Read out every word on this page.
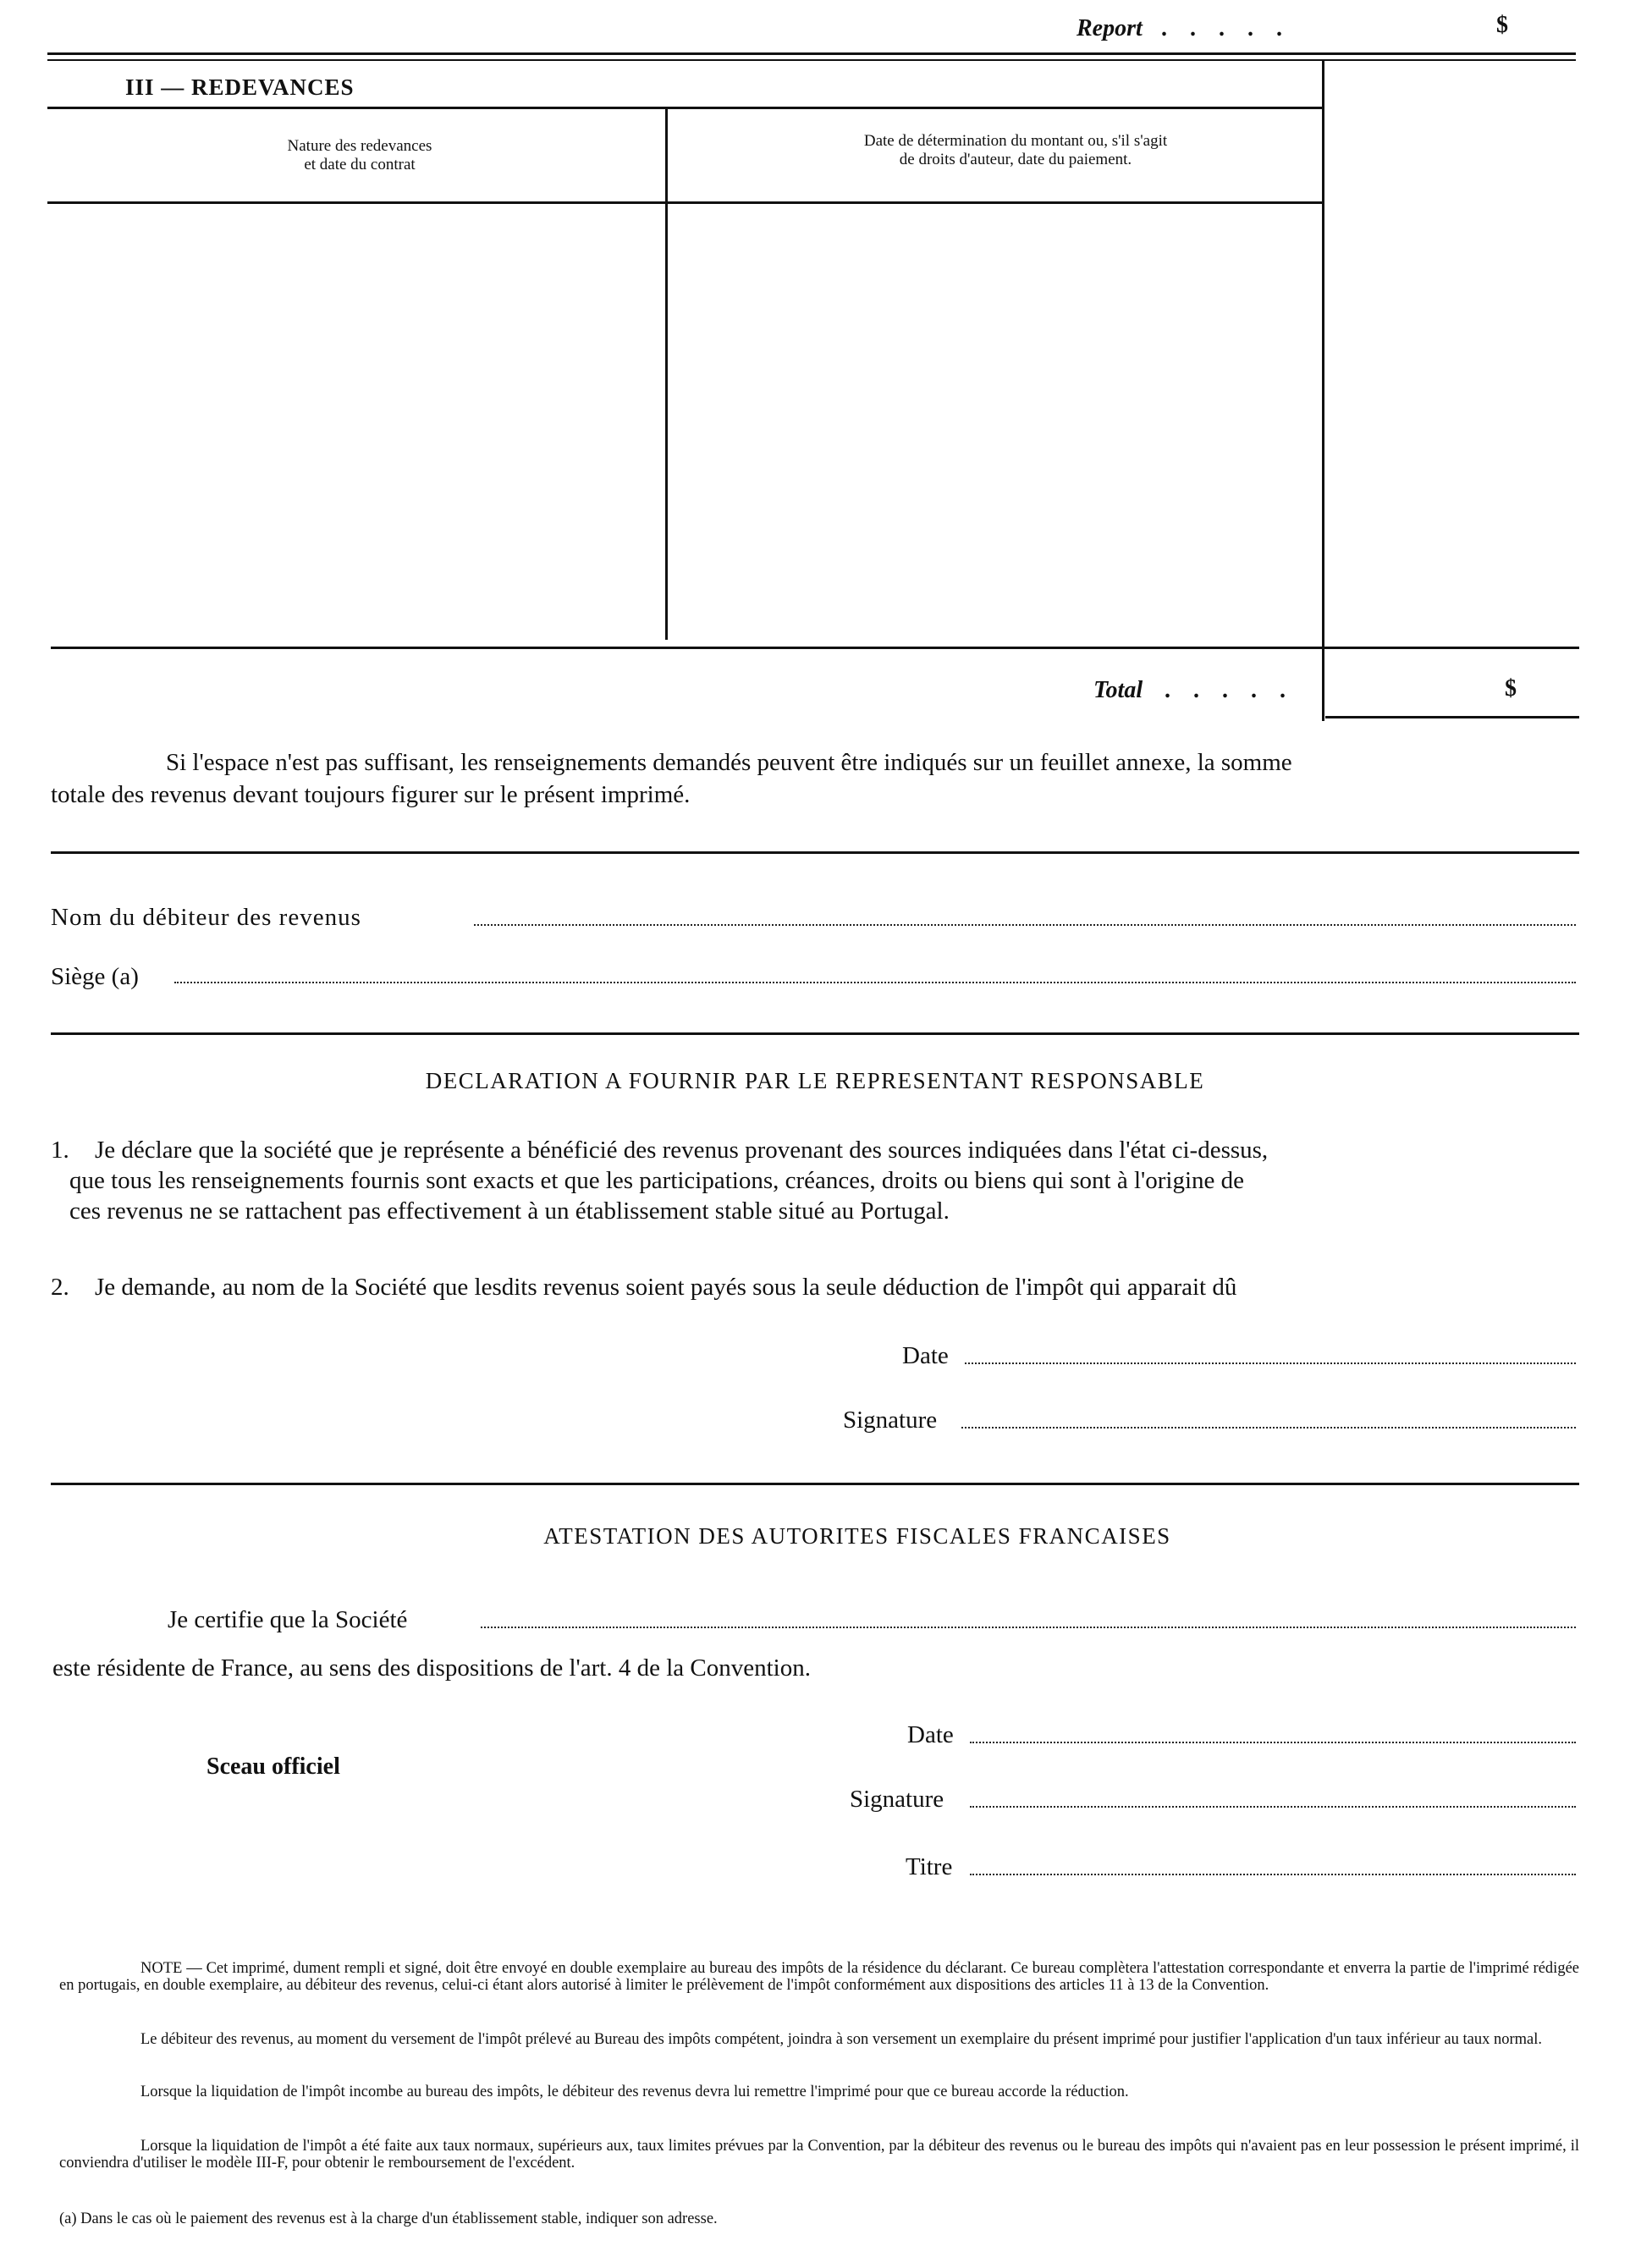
Report . . . . .	$
III — REDEVANCES
Nature des redevances
et date du contrat
Date de détermination du montant ou, s'il s'agit
de droits d'auteur, date du paiement.
Total . . . . .	$
Si l'espace n'est pas suffisant, les renseignements demandés peuvent être indiqués sur un feuillet annexe, la somme
totale des revenus devant toujours figurer sur le présent imprimé.
Nom du débiteur des revenus
Siège (a)
DECLARATION A FOURNIR PAR LE REPRESENTANT RESPONSABLE
1. Je déclare que la société que je représente a bénéficié des revenus provenant des sources indiquées dans l'état ci-dessus,
que tous les renseignements fournis sont exacts et que les participations, créances, droits ou biens qui sont à l'origine de
ces revenus ne se rattachent pas effectivement à un établissement stable situé au Portugal.
2. Je demande, au nom de la Société que lesdits revenus soient payés sous la seule déduction de l'impôt qui apparait dû
Date
Signature
ATESTATION DES AUTORITES FISCALES FRANCAISES
Je certifie que la Société
este résidente de France, au sens des dispositions de l'art. 4 de la Convention.
Sceau officiel
Date
Signature
Titre
NOTE — Cet imprimé, dument rempli et signé, doit être envoyé en double exemplaire au bureau des impôts de la résidence du déclarant. Ce bureau complètera l'attestation correspondante et enverra la partie de l'imprimé rédigée en portugais, en double exemplaire, au débiteur des revenus, celui-ci étant alors autorisé à limiter le prélèvement de l'impôt conformément aux dispositions des articles 11 à 13 de la Convention.
Le débiteur des revenus, au moment du versement de l'impôt prélevé au Bureau des impôts compétent, joindra à son versement un exemplaire du présent imprimé pour justifier l'application d'un taux inférieur au taux normal.
Lorsque la liquidation de l'impôt incombe au bureau des impôts, le débiteur des revenus devra lui remettre l'imprimé pour que ce bureau accorde la réduction.
Lorsque la liquidation de l'impôt a été faite aux taux normaux, supérieurs aux, taux limites prévues par la Convention, par la débiteur des revenus ou le bureau des impôts qui n'avaient pas en leur possession le présent imprimé, il conviendra d'utiliser le modèle III-F, pour obtenir le remboursement de l'excédent.
(a) Dans le cas où le paiement des revenus est à la charge d'un établissement stable, indiquer son adresse.
